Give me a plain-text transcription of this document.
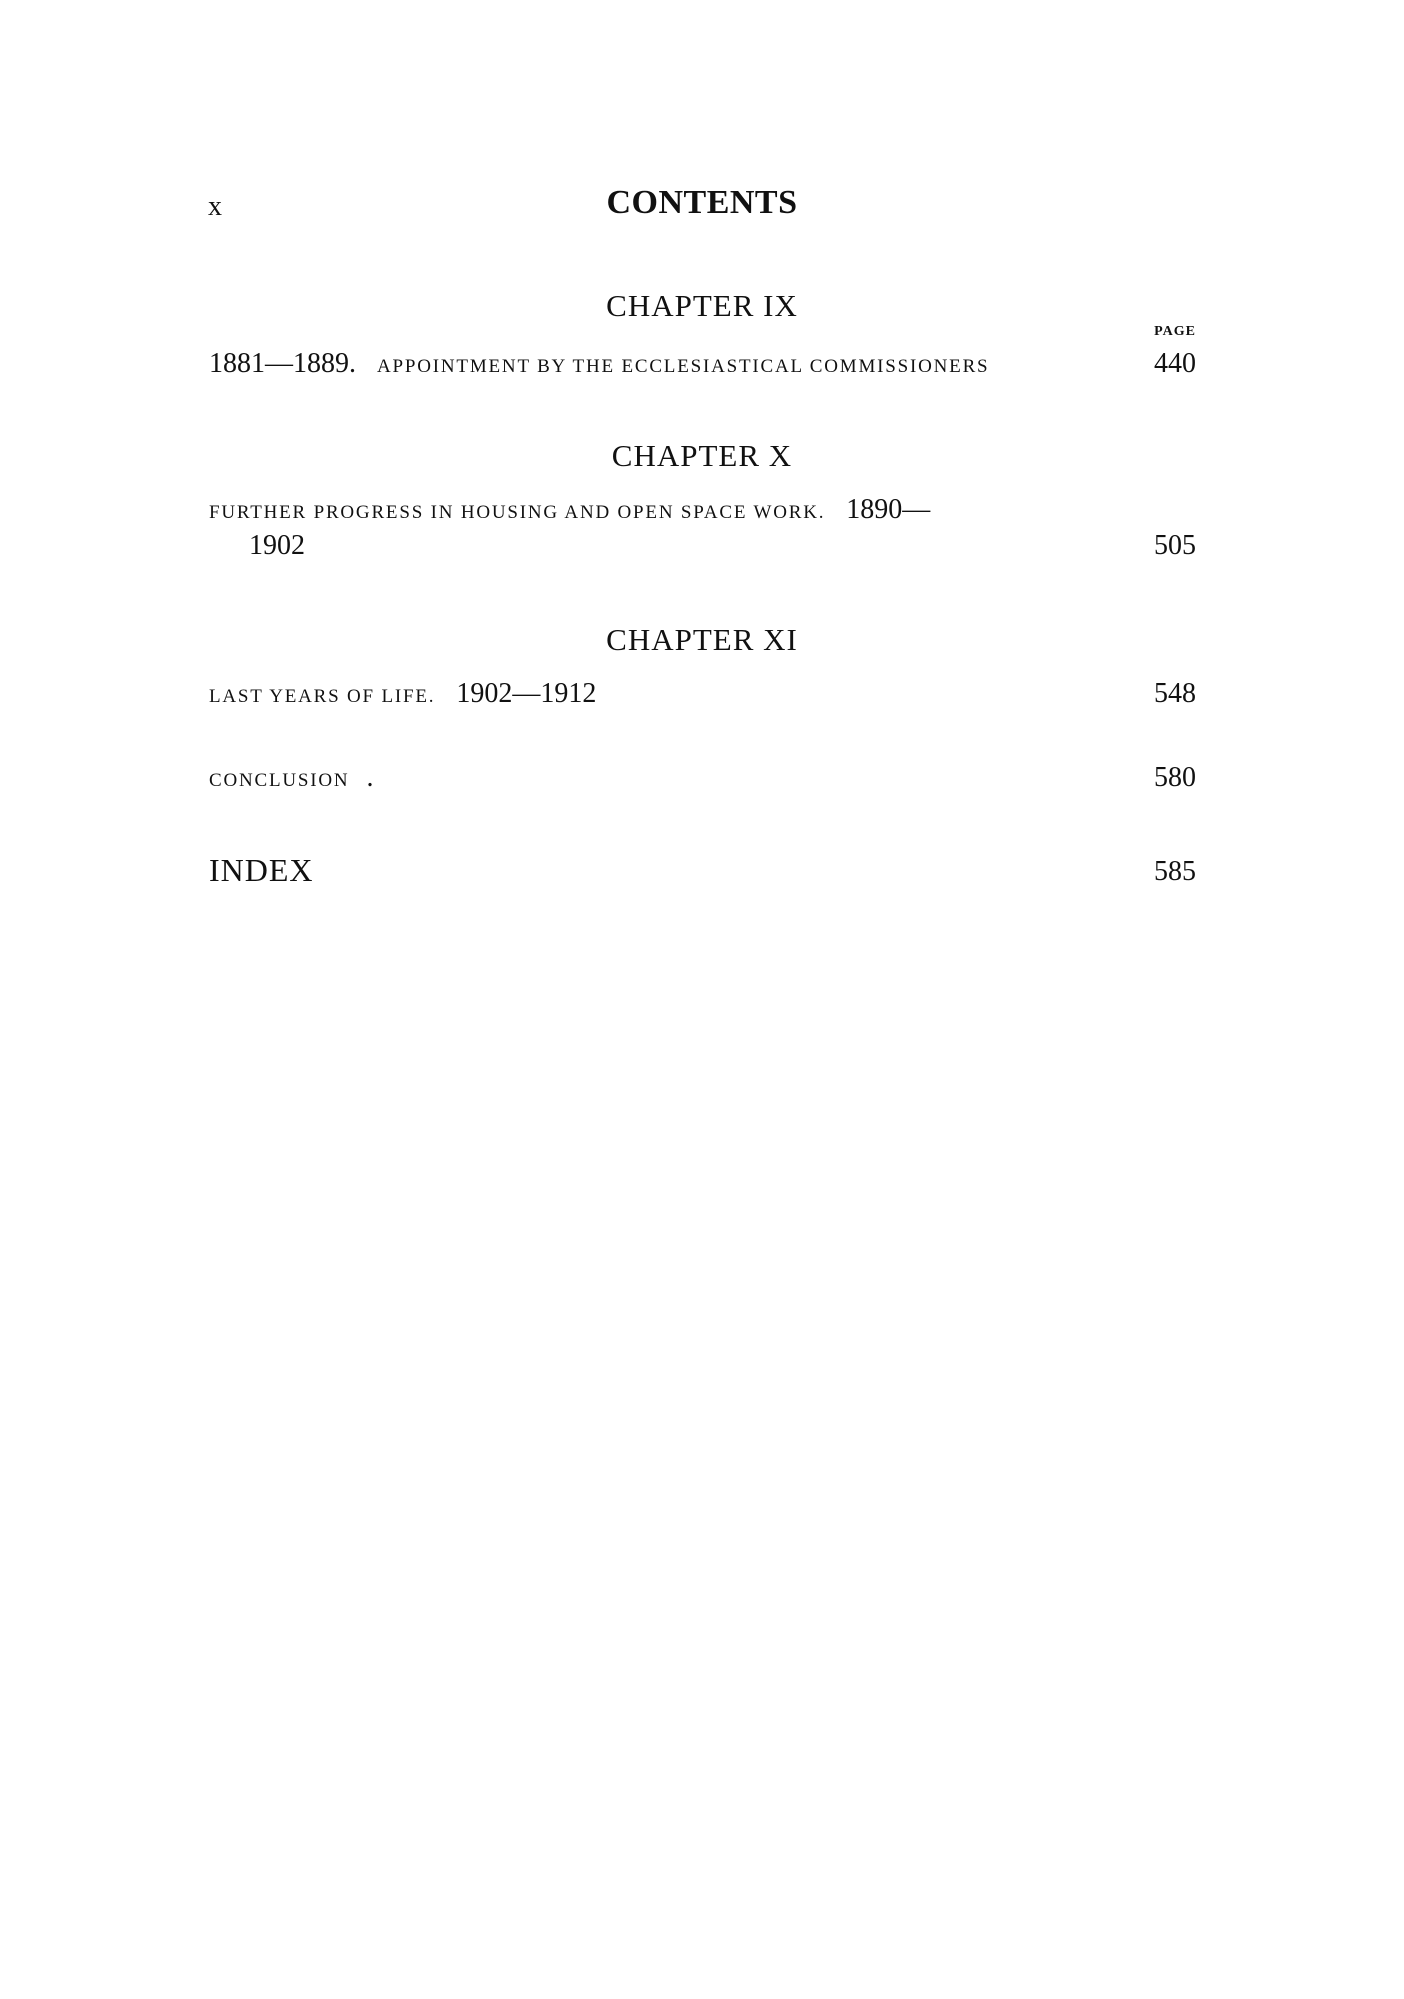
x	CONTENTS
CHAPTER IX
PAGE
1881—1889. APPOINTMENT BY THE ECCLESIASTICAL COMMISSIONERS	440
CHAPTER X
FURTHER PROGRESS IN HOUSING AND OPEN SPACE WORK. 1890—
1902	505
CHAPTER XI
LAST YEARS OF LIFE. 1902—1912	548
CONCLUSION .	580
INDEX	585
